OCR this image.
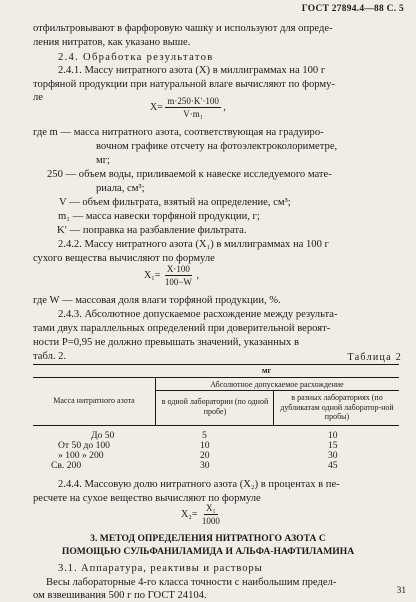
ГОСТ 27894.4—88 С. 5
отфильтровывают в фарфоровую чашку и используют для опреде-
ления нитратов, как указано выше.
2.4. Обработка результатов
2.4.1. Массу нитратного азота (X) в миллиграммах на 100 г
торфяной продукции при натуральной влаге вычисляют по форму-
ле
$X= \frac{m\cdot 250\cdot K'\cdot 100}{\text{V·m₁}}$ ,
где m — масса нитратного азота, соответствующая на градуиро-
вочном графике отсчету на фотоэлектроколориметре,
мг;
250 — объем воды, приливаемой к навеске исследуемого мате-
риала, см³;
V — объем фильтрата, взятый на определение, см³;
m₁ — масса навески торфяной продукции, г;
K′ — поправка на разбавление фильтрата.
2.4.2. Массу нитратного азота (X₁) в миллиграммах на 100 г
сухого вещества вычисляют по формуле
$X_1= \frac{X\cdot 100}{100-W}$ ,
где W — массовая доля влаги торфяной продукции, %.
2.4.3. Абсолютное допускаемое расхождение между результа-
тами двух параллельных определений при доверительной вероят-
ности P=0,95 не должно превышать значений, указанных в
табл. 2.	Таблица 2
мг
Масса нитратного азота
Абсолютное допускаемое расхождение
в одной лаборатории (по одной пробе)
в разных лабораториях (по дубликатам одной лаборатор-ной пробы)
До 50	5	10
От 50 до 100	10	15
» 100 » 200	20	30
Св. 200	30	45
2.4.4. Массовую долю нитратного азота (X₂) в процентах в пе-
ресчете на сухое вещество вычисляют по формуле
$X_2= \frac{\text{X₁}}{1000}$
3. МЕТОД ОПРЕДЕЛЕНИЯ НИТРАТНОГО АЗОТА С
ПОМОЩЬЮ СУЛЬФАНИЛАМИДА И АЛЬФА-НАФТИЛАМИНА
3.1. Аппаратура, реактивы и растворы
Весы лабораторные 4-го класса точности с наибольшим предел-
ом взвешивания 500 г по ГОСТ 24104.	31
